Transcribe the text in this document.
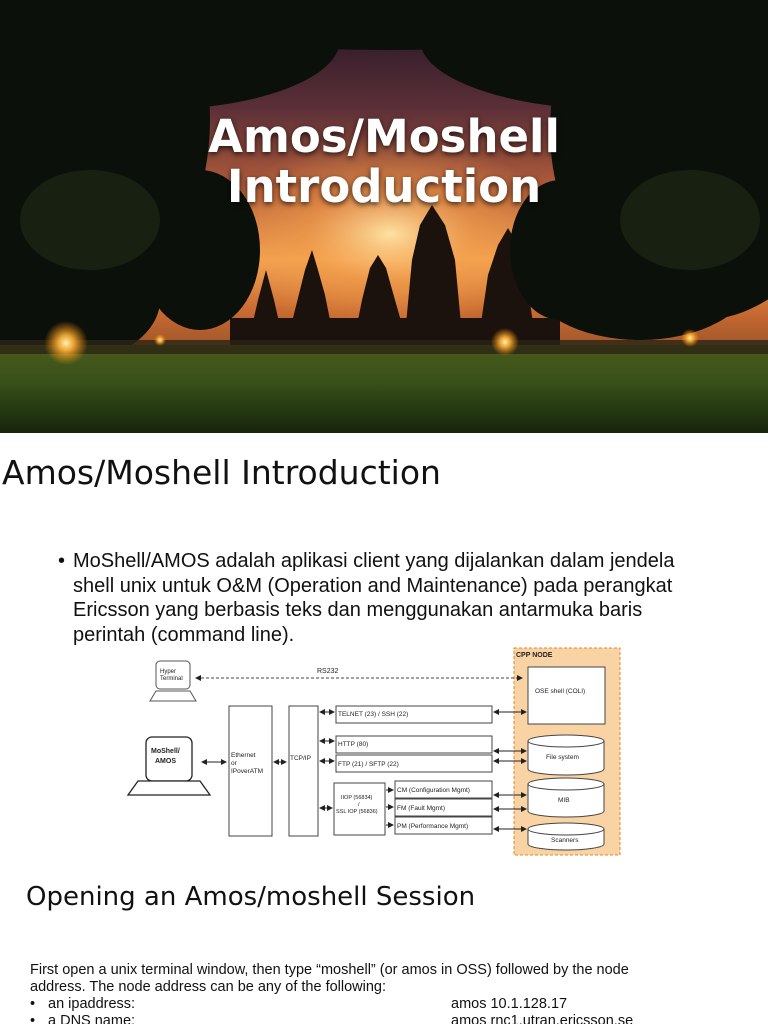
Amos/Moshell
Introduction
Amos/Moshell Introduction
• MoShell/AMOS adalah aplikasi client yang dijalankan dalam jendela shell unix untuk O&M (Operation and Maintenance) pada perangkat Ericsson yang berbasis teks dan menggunakan antarmuka baris perintah (command line).
CPP NODE
Hyper
Terminal
RS232
MoShell/
AMOS
Ethernet
or
IPoverATM
TCP/IP
TELNET (23) / SSH (22)
HTTP (80)
FTP (21) / SFTP (22)
IIOP (56834)
/
SSL IOP (56836)
CM (Configuration Mgmt)
FM (Fault Mgmt)
PM (Performance Mgmt)
OSE shell (COLI)
File system
MIB
Scanners
Opening an Amos/moshell Session
First open a unix terminal window, then type “moshell” (or amos in OSS) followed by the node
address. The node address can be any of the following:
• an ipaddress:	amos 10.1.128.17
• a DNS name:	amos rnc1.utran.ericsson.se
